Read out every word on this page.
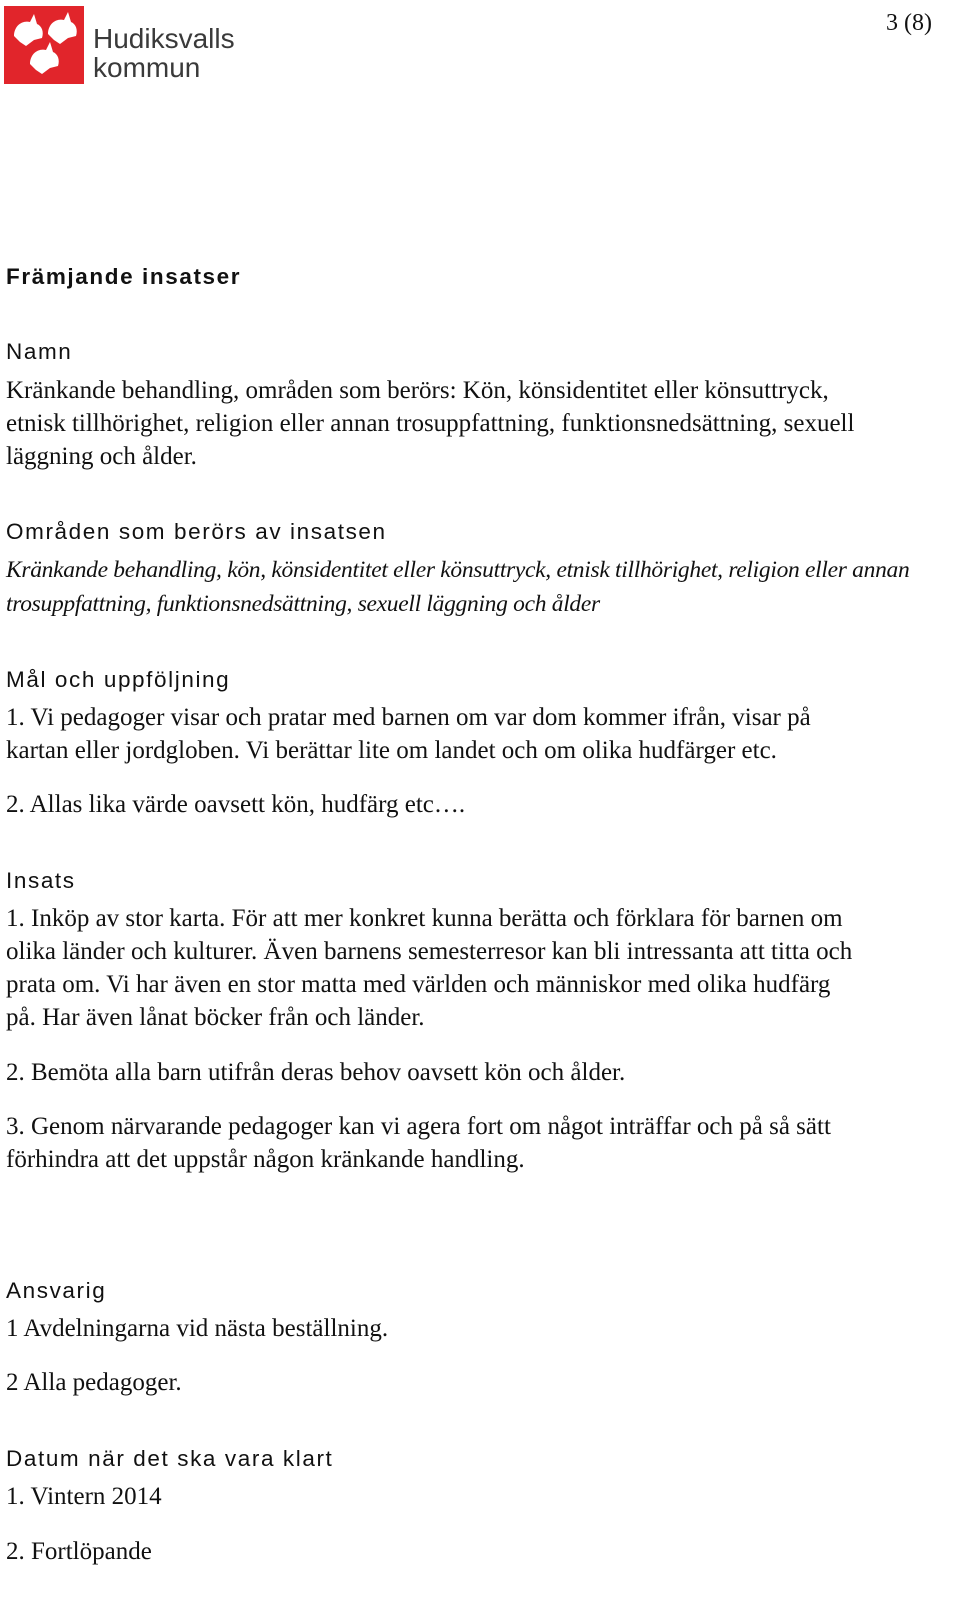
Hudiksvalls
kommun
3 (8)
Främjande insatser
Namn
Kränkande behandling, områden som berörs: Kön, könsidentitet eller könsuttryck,
etnisk tillhörighet, religion eller annan trosuppfattning, funktionsnedsättning, sexuell
läggning och ålder.
Områden som berörs av insatsen
Kränkande behandling, kön, könsidentitet eller könsuttryck, etnisk tillhörighet, religion eller annan
trosuppfattning, funktionsnedsättning, sexuell läggning och ålder
Mål och uppföljning
1. Vi pedagoger visar och pratar med barnen om var dom kommer ifrån, visar på
kartan eller jordgloben. Vi berättar lite om landet och om olika hudfärger etc.
2. Allas lika värde oavsett kön, hudfärg etc….
Insats
1. Inköp av stor karta. För att mer konkret kunna berätta och förklara för barnen om
olika länder och kulturer. Även barnens semesterresor kan bli intressanta att titta och
prata om. Vi har även en stor matta med världen och människor med olika hudfärg
på. Har även lånat böcker från och länder.
2. Bemöta alla barn utifrån deras behov oavsett kön och ålder.
3. Genom närvarande pedagoger kan vi agera fort om något inträffar och på så sätt
förhindra att det uppstår någon kränkande handling.
Ansvarig
1 Avdelningarna vid nästa beställning.
2 Alla pedagoger.
Datum när det ska vara klart
1. Vintern 2014
2. Fortlöpande
